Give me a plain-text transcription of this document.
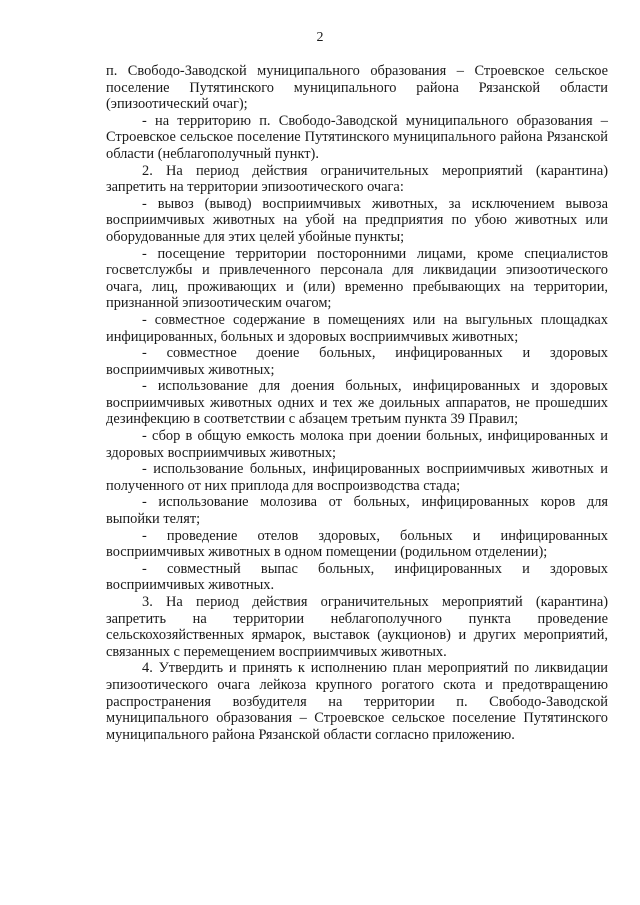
2

п. Свободо-Заводской муниципального образования – Строевское сельское поселение Путятинского муниципального района Рязанской области (эпизоотический очаг);

- на территорию п. Свободо-Заводской муниципального образования – Строевское сельское поселение Путятинского муниципального района Рязанской области (неблагополучный пункт).

2. На период действия ограничительных мероприятий (карантина) запретить на территории эпизоотического очага:

- вывоз (вывод) восприимчивых животных, за исключением вывоза восприимчивых животных на убой на предприятия по убою животных или оборудованные для этих целей убойные пункты;

- посещение территории посторонними лицами, кроме специалистов госветслужбы и привлеченного персонала для ликвидации эпизоотического очага, лиц, проживающих и (или) временно пребывающих на территории, признанной эпизоотическим очагом;

- совместное содержание в помещениях или на выгульных площадках инфицированных, больных и здоровых восприимчивых животных;

- совместное доение больных, инфицированных и здоровых восприимчивых животных;

- использование для доения больных, инфицированных и здоровых восприимчивых животных одних и тех же доильных аппаратов, не прошедших дезинфекцию в соответствии с абзацем третьим пункта 39 Правил;

- сбор в общую емкость молока при доении больных, инфицированных и здоровых восприимчивых животных;

- использование больных, инфицированных восприимчивых животных и полученного от них приплода для воспроизводства стада;

- использование молозива от больных, инфицированных коров для выпойки телят;

- проведение отелов здоровых, больных и инфицированных восприимчивых животных в одном помещении (родильном отделении);

- совместный выпас больных, инфицированных и здоровых восприимчивых животных.

3. На период действия ограничительных мероприятий (карантина) запретить на территории неблагополучного пункта проведение сельскохозяйственных ярмарок, выставок (аукционов) и других мероприятий, связанных с перемещением восприимчивых животных.

4. Утвердить и принять к исполнению план мероприятий по ликвидации эпизоотического очага лейкоза крупного рогатого скота и предотвращению распространения возбудителя на территории п. Свободо-Заводской муниципального образования – Строевское сельское поселение Путятинского муниципального района Рязанской области согласно приложению.
